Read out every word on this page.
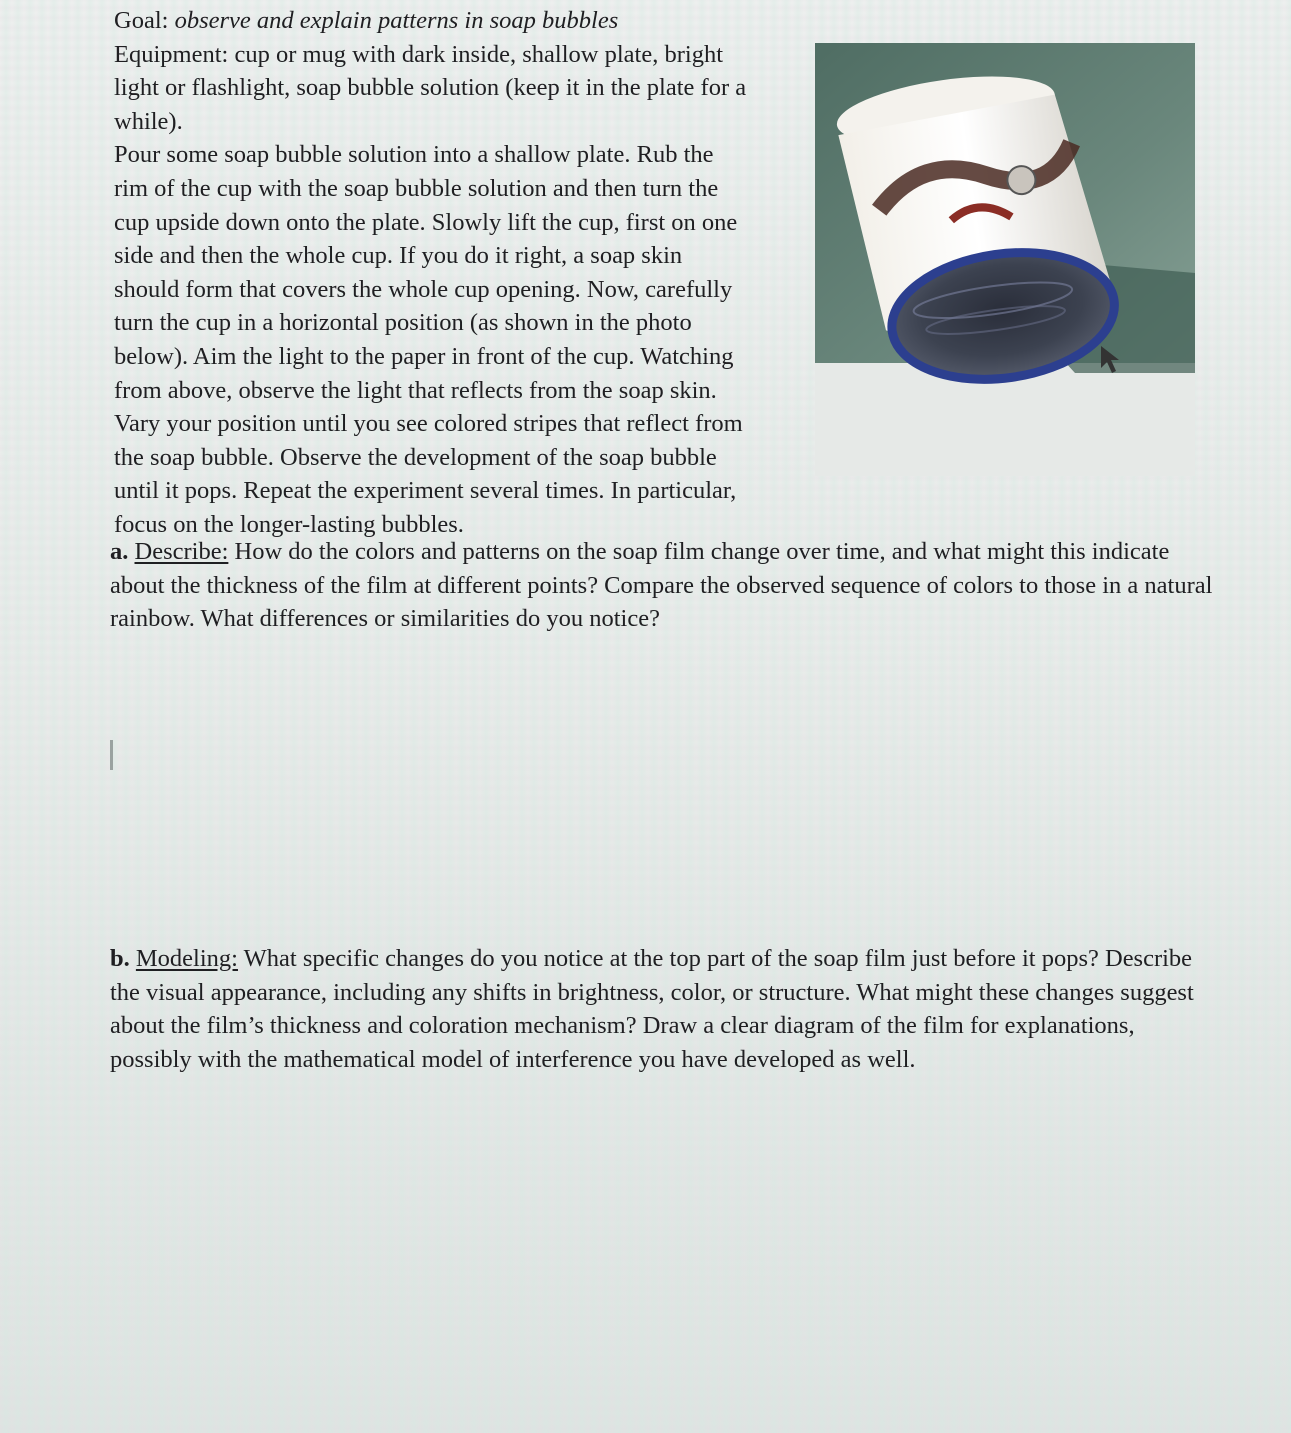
Goal: observe and explain patterns in soap bubbles
Equipment: cup or mug with dark inside, shallow plate, bright
light or flashlight, soap bubble solution (keep it in the plate for a
while).
Pour some soap bubble solution into a shallow plate. Rub the
rim of the cup with the soap bubble solution and then turn the
cup upside down onto the plate. Slowly lift the cup, first on one
side and then the whole cup. If you do it right, a soap skin
should form that covers the whole cup opening. Now, carefully
turn the cup in a horizontal position (as shown in the photo
below). Aim the light to the paper in front of the cup. Watching
from above, observe the light that reflects from the soap skin.
Vary your position until you see colored stripes that reflect from
the soap bubble. Observe the development of the soap bubble
until it pops. Repeat the experiment several times. In particular,
focus on the longer-lasting bubbles.
a. Describe: How do the colors and patterns on the soap film change over time, and what might this indicate about the thickness of the film at different points? Compare the observed sequence of colors to those in a natural rainbow. What differences or similarities do you notice?
b. Modeling: What specific changes do you notice at the top part of the soap film just before it pops? Describe the visual appearance, including any shifts in brightness, color, or structure. What might these changes suggest about the film’s thickness and coloration mechanism? Draw a clear diagram of the film for explanations, possibly with the mathematical model of interference you have developed as well.
